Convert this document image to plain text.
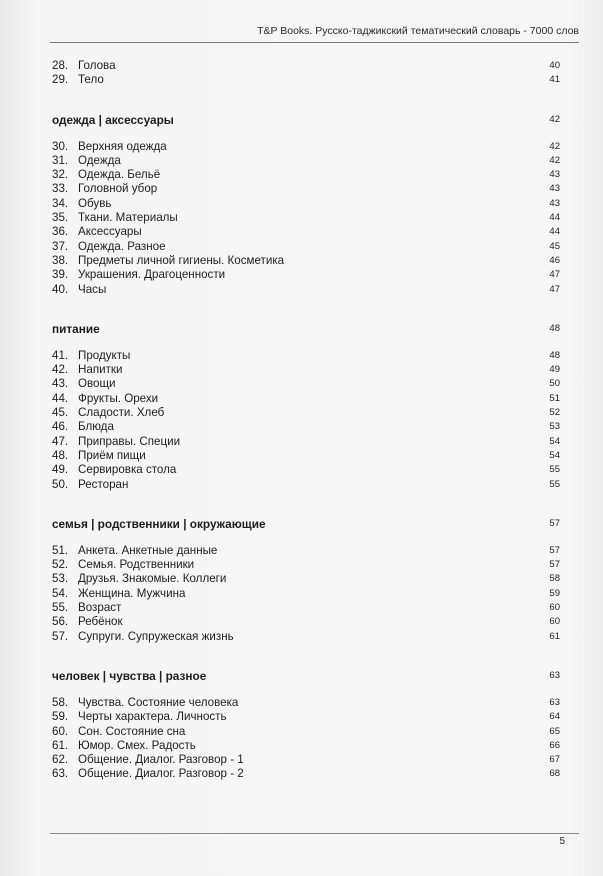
T&P Books. Русско-таджикский тематический словарь - 7000 слов
28. Голова	40
29. Тело	41
одежда | аксессуары	42
30. Верхняя одежда	42
31. Одежда	42
32. Одежда. Бельё	43
33. Головной убор	43
34. Обувь	43
35. Ткани. Материалы	44
36. Аксессуары	44
37. Одежда. Разное	45
38. Предметы личной гигиены. Косметика	46
39. Украшения. Драгоценности	47
40. Часы	47
питание	48
41. Продукты	48
42. Напитки	49
43. Овощи	50
44. Фрукты. Орехи	51
45. Сладости. Хлеб	52
46. Блюда	53
47. Приправы. Специи	54
48. Приём пищи	54
49. Сервировка стола	55
50. Ресторан	55
семья | родственники | окружающие	57
51. Анкета. Анкетные данные	57
52. Семья. Родственники	57
53. Друзья. Знакомые. Коллеги	58
54. Женщина. Мужчина	59
55. Возраст	60
56. Ребёнок	60
57. Супруги. Супружеская жизнь	61
человек | чувства | разное	63
58. Чувства. Состояние человека	63
59. Черты характера. Личность	64
60. Сон. Состояние сна	65
61. Юмор. Смех. Радость	66
62. Общение. Диалог. Разговор - 1	67
63. Общение. Диалог. Разговор - 2	68
5
